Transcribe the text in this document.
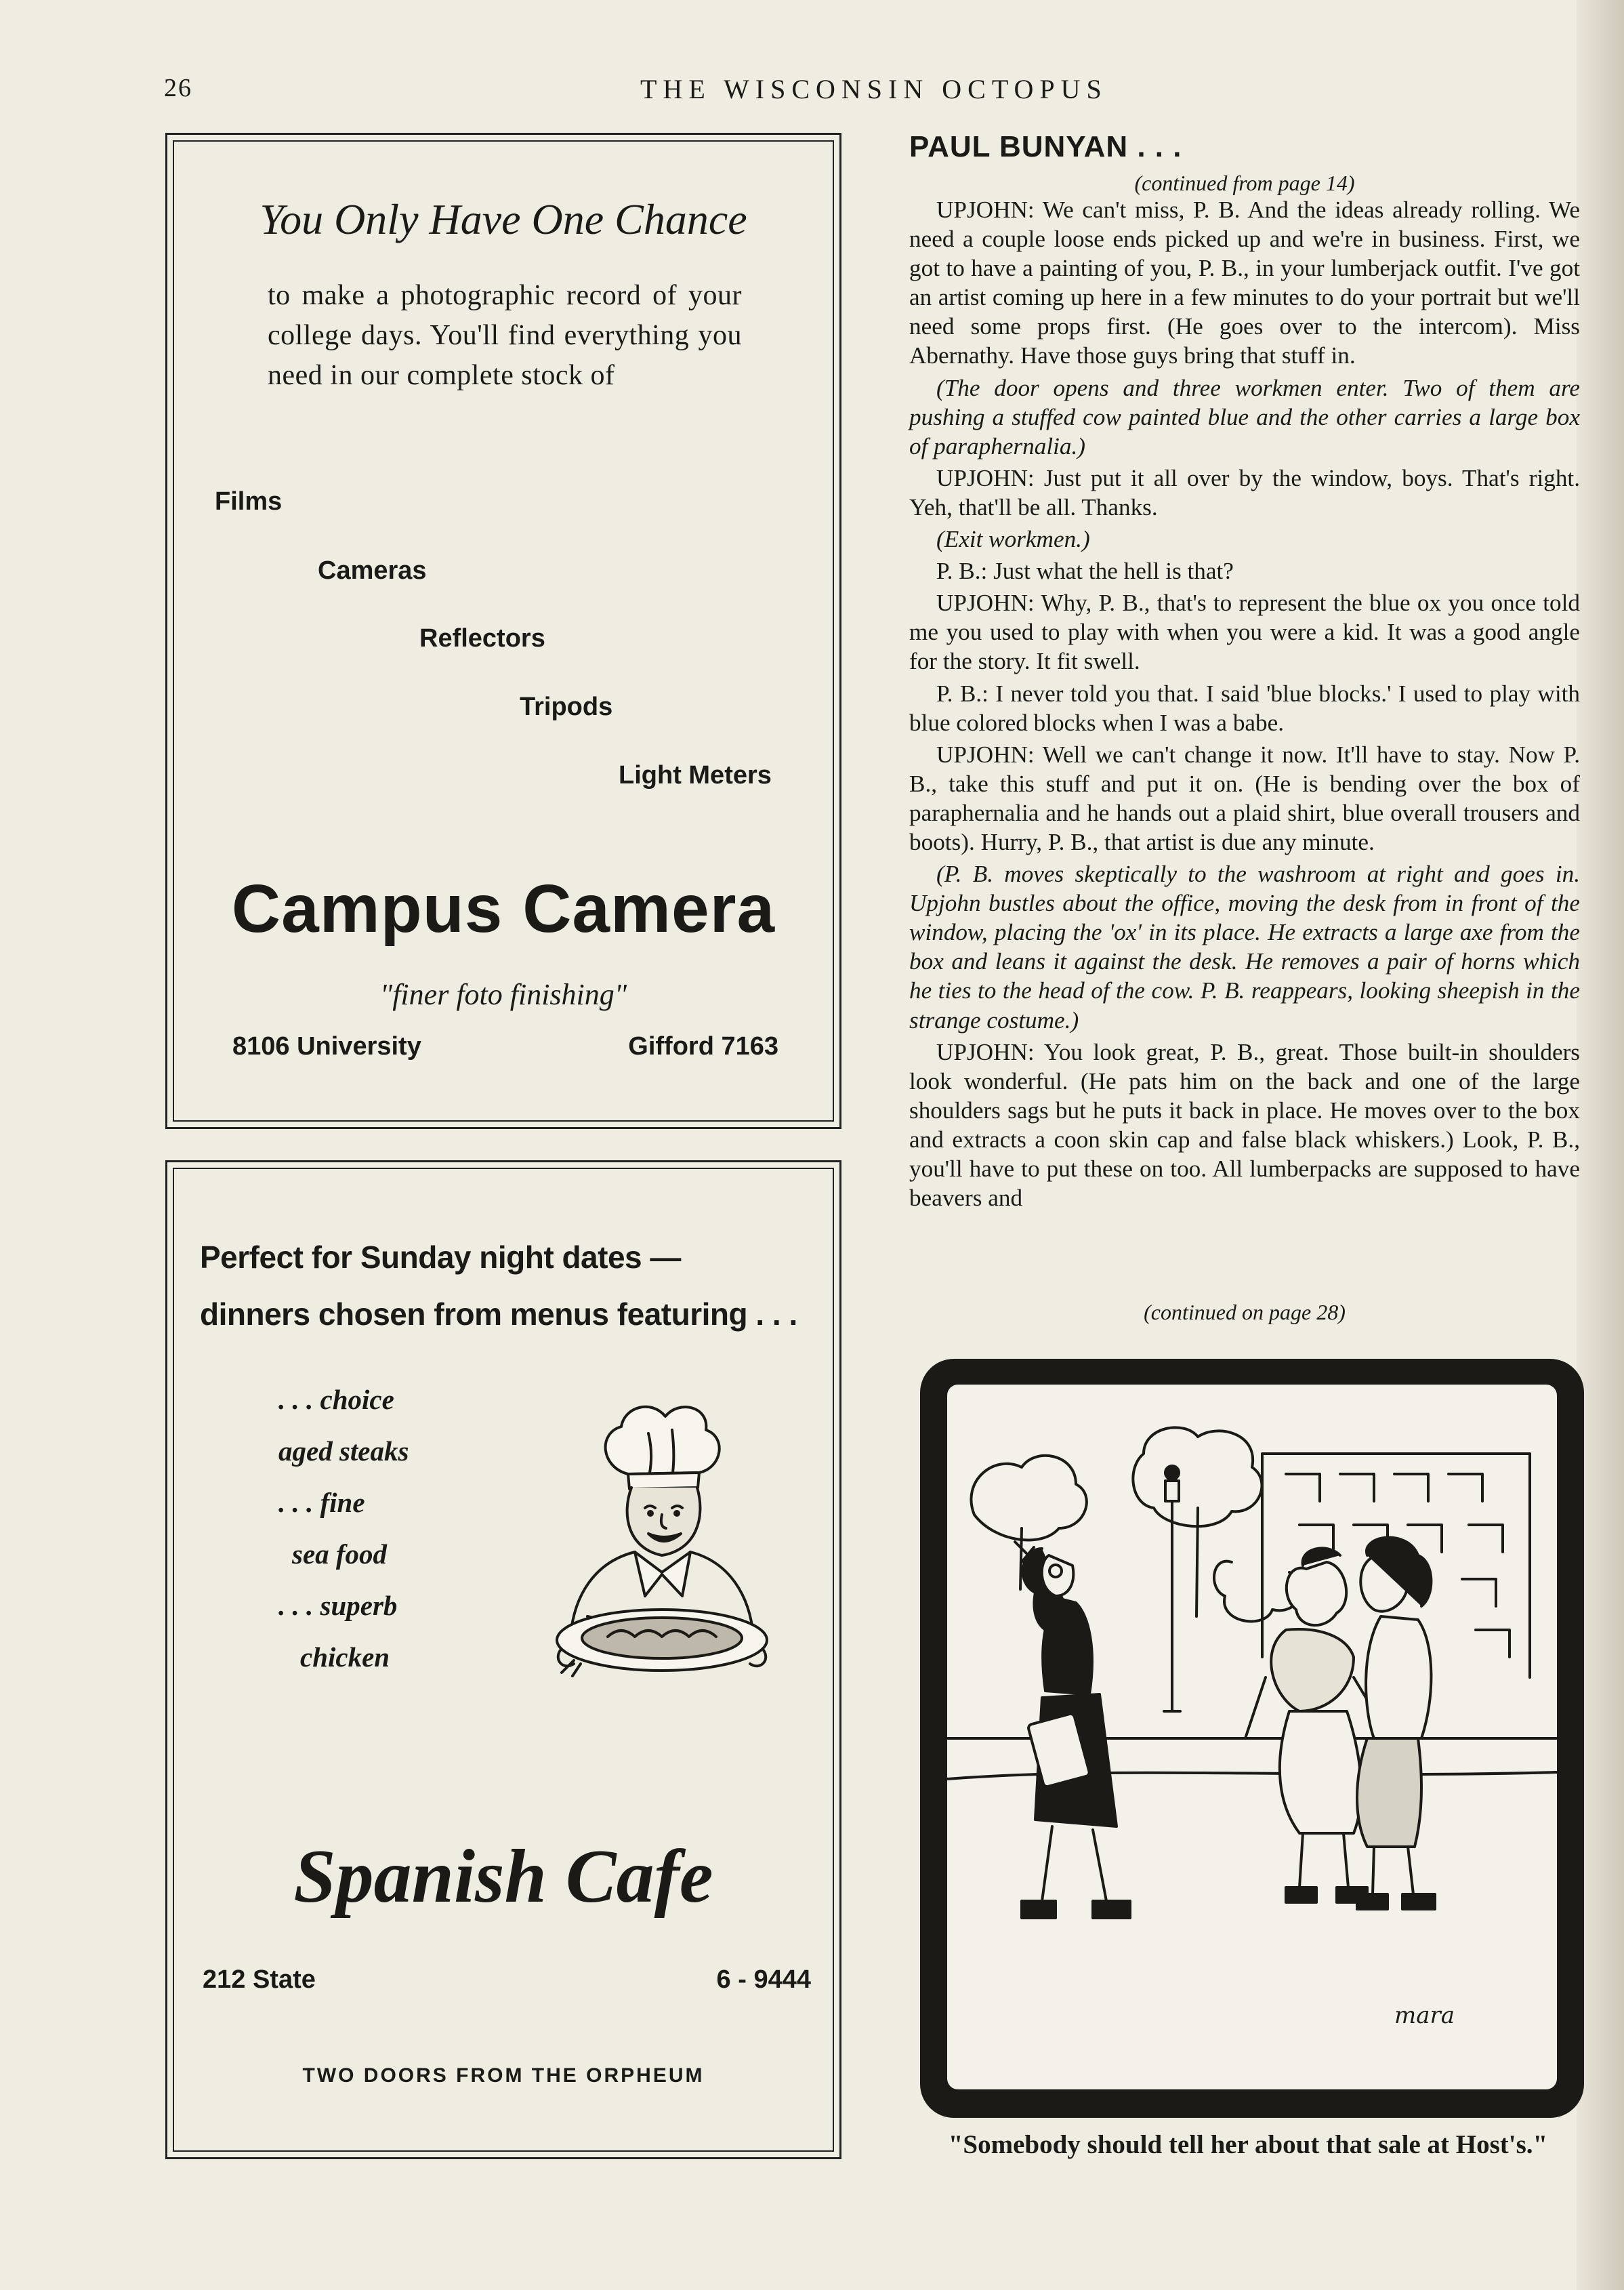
26	THE WISCONSIN OCTOPUS
You Only Have One Chance
to make a photographic record of your college days. You'll find everything you need in our complete stock of
Films
Cameras
Reflectors
Tripods
Light Meters
Campus Camera
"finer foto finishing"
8106 University	Gifford 7163
Perfect for Sunday night dates —
dinners chosen from menus featuring . . .
. . . choice
aged steaks
. . . fine
sea food
. . . superb
chicken
Spanish Cafe
212 State	6 - 9444
TWO DOORS FROM THE ORPHEUM
PAUL BUNYAN . . .
(continued from page 14)

UPJOHN: We can't miss, P. B. And the ideas already rolling. We need a couple loose ends picked up and we're in business. First, we got to have a painting of you, P. B., in your lumberjack outfit. I've got an artist coming up here in a few minutes to do your portrait but we'll need some props first. (He goes over to the intercom). Miss Abernathy. Have those guys bring that stuff in.

(The door opens and three workmen enter. Two of them are pushing a stuffed cow painted blue and the other carries a large box of paraphernalia.)

UPJOHN: Just put it all over by the window, boys. That's right. Yeh, that'll be all. Thanks.

(Exit workmen.)

P. B.: Just what the hell is that?

UPJOHN: Why, P. B., that's to represent the blue ox you once told me you used to play with when you were a kid. It was a good angle for the story. It fit swell.

P. B.: I never told you that. I said 'blue blocks.' I used to play with blue colored blocks when I was a babe.

UPJOHN: Well we can't change it now. It'll have to stay. Now P. B., take this stuff and put it on. (He is bending over the box of paraphernalia and he hands out a plaid shirt, blue overall trousers and boots). Hurry, P. B., that artist is due any minute.

(P. B. moves skeptically to the washroom at right and goes in. Upjohn bustles about the office, moving the desk from in front of the window, placing the 'ox' in its place. He extracts a large axe from the box and leans it against the desk. He removes a pair of horns which he ties to the head of the cow. P. B. reappears, looking sheepish in the strange costume.)

UPJOHN: You look great, P. B., great. Those built-in shoulders look wonderful. (He pats him on the back and one of the large shoulders sags but he puts it back in place. He moves over to the box and extracts a coon skin cap and false black whiskers.) Look, P. B., you'll have to put these on too. All lumberpacks are supposed to have beavers and

(continued on page 28)
mara
"Somebody should tell her about that sale at Host's."
